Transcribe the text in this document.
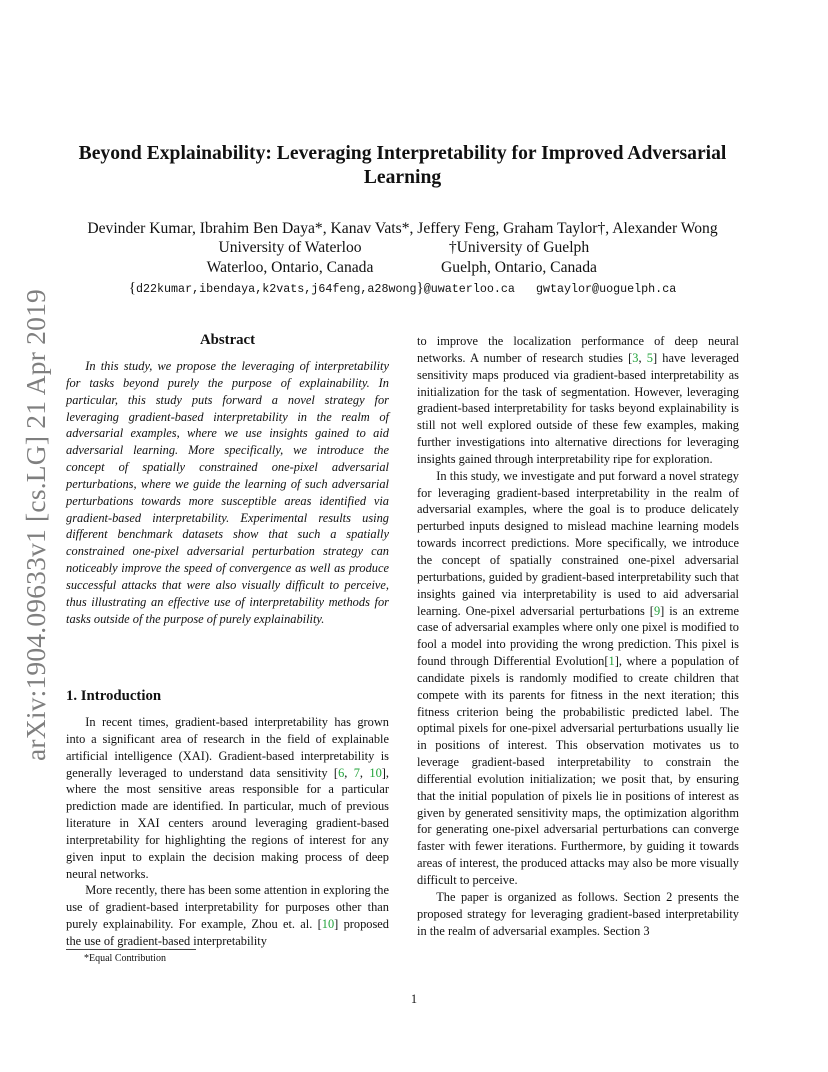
arXiv:1904.09633v1 [cs.LG] 21 Apr 2019
Beyond Explainability: Leveraging Interpretability for Improved Adversarial Learning
Devinder Kumar, Ibrahim Ben Daya*, Kanav Vats*, Jeffery Feng, Graham Taylor†, Alexander Wong
University of Waterloo
Waterloo, Ontario, Canada
†University of Guelph
Guelph, Ontario, Canada
{d22kumar,ibendaya,k2vats,j64feng,a28wong}@uwaterloo.ca gwtaylor@uoguelph.ca
Abstract

In this study, we propose the leveraging of interpretability for tasks beyond purely the purpose of explainability. In particular, this study puts forward a novel strategy for leveraging gradient-based interpretability in the realm of adversarial examples, where we use insights gained to aid adversarial learning. More specifically, we introduce the concept of spatially constrained one-pixel adversarial perturbations, where we guide the learning of such adversarial perturbations towards more susceptible areas identified via gradient-based interpretability. Experimental results using different benchmark datasets show that such a spatially constrained one-pixel adversarial perturbation strategy can noticeably improve the speed of convergence as well as produce successful attacks that were also visually difficult to perceive, thus illustrating an effective use of interpretability methods for tasks outside of the purpose of purely explainability.

1. Introduction

In recent times, gradient-based interpretability has grown into a significant area of research in the field of explainable artificial intelligence (XAI). Gradient-based interpretability is generally leveraged to understand data sensitivity [6, 7, 10], where the most sensitive areas responsible for a particular prediction made are identified. In particular, much of previous literature in XAI centers around leveraging gradient-based interpretability for highlighting the regions of interest for any given input to explain the decision making process of deep neural networks.

More recently, there has been some attention in exploring the use of gradient-based interpretability for purposes other than purely explainability. For example, Zhou et. al. [10] proposed the use of gradient-based interpretability

to improve the localization performance of deep neural networks. A number of research studies [3, 5] have leveraged sensitivity maps produced via gradient-based interpretability as initialization for the task of segmentation. However, leveraging gradient-based interpretability for tasks beyond explainability is still not well explored outside of these few examples, making further investigations into alternative directions for leveraging insights gained through interpretability ripe for exploration.

In this study, we investigate and put forward a novel strategy for leveraging gradient-based interpretability in the realm of adversarial examples, where the goal is to produce delicately perturbed inputs designed to mislead machine learning models towards incorrect predictions. More specifically, we introduce the concept of spatially constrained one-pixel adversarial perturbations, guided by gradient-based interpretability such that insights gained via interpretability is used to aid adversarial learning. One-pixel adversarial perturbations [9] is an extreme case of adversarial examples where only one pixel is modified to fool a model into providing the wrong prediction. This pixel is found through Differential Evolution[1], where a population of candidate pixels is randomly modified to create children that compete with its parents for fitness in the next iteration; this fitness criterion being the probabilistic predicted label. The optimal pixels for one-pixel adversarial perturbations usually lie in positions of interest. This observation motivates us to leverage gradient-based interpretability to constrain the differential evolution initialization; we posit that, by ensuring that the initial population of pixels lie in positions of interest as given by generated sensitivity maps, the optimization algorithm for generating one-pixel adversarial perturbations can converge faster with fewer iterations. Furthermore, by guiding it towards areas of interest, the produced attacks may also be more visually difficult to perceive.

The paper is organized as follows. Section 2 presents the proposed strategy for leveraging gradient-based interpretability in the realm of adversarial examples. Section 3

*Equal Contribution
1
